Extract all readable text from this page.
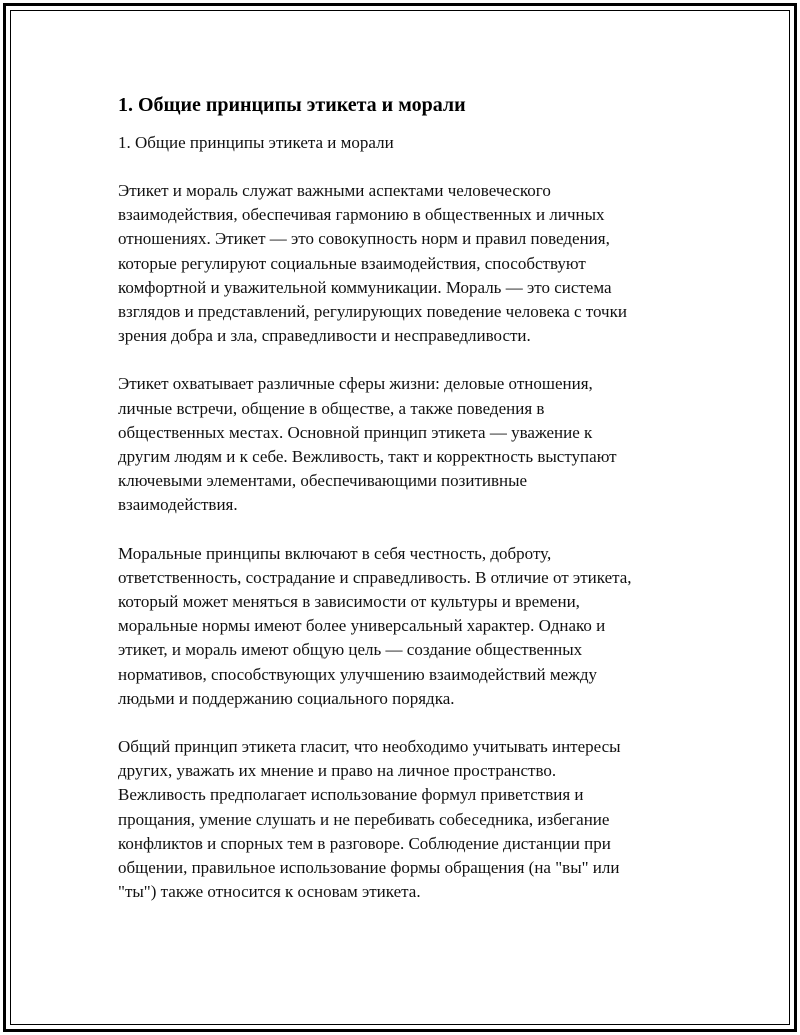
1. Общие принципы этикета и морали
1. Общие принципы этикета и морали
Этикет и мораль служат важными аспектами человеческого
взаимодействия, обеспечивая гармонию в общественных и личных
отношениях. Этикет — это совокупность норм и правил поведения,
которые регулируют социальные взаимодействия, способствуют
комфортной и уважительной коммуникации. Мораль — это система
взглядов и представлений, регулирующих поведение человека с точки
зрения добра и зла, справедливости и несправедливости.
Этикет охватывает различные сферы жизни: деловые отношения,
личные встречи, общение в обществе, а также поведения в
общественных местах. Основной принцип этикета — уважение к
другим людям и к себе. Вежливость, такт и корректность выступают
ключевыми элементами, обеспечивающими позитивные
взаимодействия.
Моральные принципы включают в себя честность, доброту,
ответственность, сострадание и справедливость. В отличие от этикета,
который может меняться в зависимости от культуры и времени,
моральные нормы имеют более универсальный характер. Однако и
этикет, и мораль имеют общую цель — создание общественных
нормативов, способствующих улучшению взаимодействий между
людьми и поддержанию социального порядка.
Общий принцип этикета гласит, что необходимо учитывать интересы
других, уважать их мнение и право на личное пространство.
Вежливость предполагает использование формул приветствия и
прощания, умение слушать и не перебивать собеседника, избегание
конфликтов и спорных тем в разговоре. Соблюдение дистанции при
общении, правильное использование формы обращения (на "вы" или
"ты") также относится к основам этикета.
